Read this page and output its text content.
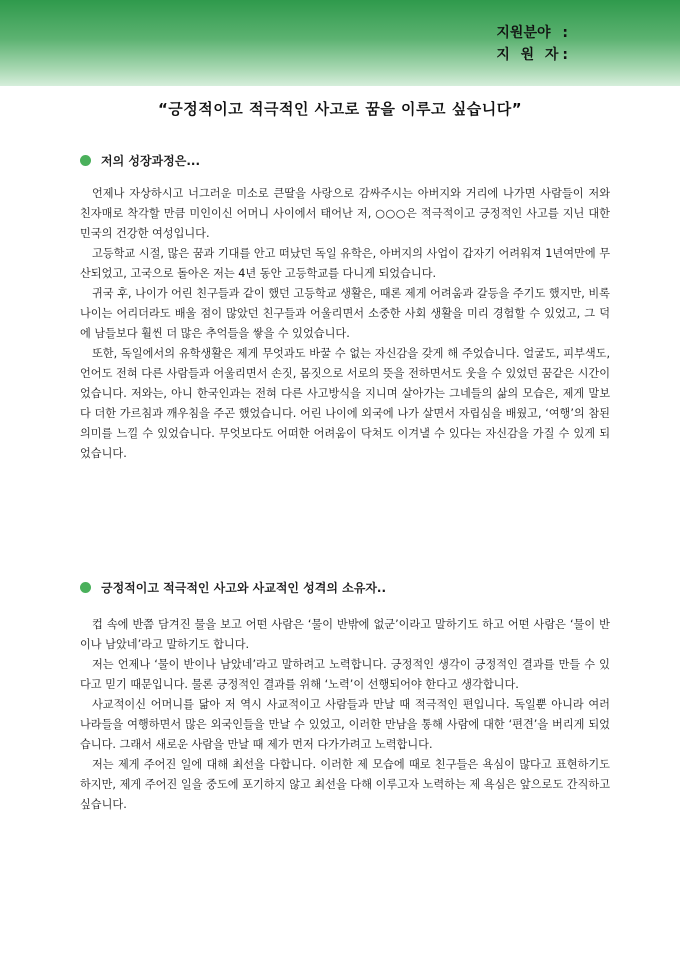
지원분야 :
지 원 자 :
“긍정적이고 적극적인 사고로 꿈을 이루고 싶습니다”
저의 성장과정은...

언제나 자상하시고 너그러운 미소로 큰딸을 사랑으로 감싸주시는 아버지와 거리에 나가면 사람들이 저와 친자매로 착각할 만큼 미인이신 어머니 사이에서 태어난 저, ○○○은 적극적이고 긍정적인 사고를 지닌 대한민국의 건강한 여성입니다.

고등학교 시절, 많은 꿈과 기대를 안고 떠났던 독일 유학은, 아버지의 사업이 갑자기 어려워져 1년여만에 무산되었고, 고국으로 돌아온 저는 4년 동안 고등학교를 다니게 되었습니다.

귀국 후, 나이가 어린 친구들과 같이 했던 고등학교 생활은, 때론 제게 어려움과 갈등을 주기도 했지만, 비록 나이는 어리더라도 배울 점이 많았던 친구들과 어울리면서 소중한 사회 생활을 미리 경험할 수 있었고, 그 덕에 남들보다 훨씬 더 많은 추억들을 쌓을 수 있었습니다.

또한, 독일에서의 유학생활은 제게 무엇과도 바꿀 수 없는 자신감을 갖게 해 주었습니다. 얼굴도, 피부색도, 언어도 전혀 다른 사람들과 어울리면서 손짓, 몸짓으로 서로의 뜻을 전하면서도 웃을 수 있었던 꿈같은 시간이었습니다. 저와는, 아니 한국인과는 전혀 다른 사고방식을 지니며 살아가는 그네들의 삶의 모습은, 제게 말보다 더한 가르침과 깨우침을 주곤 했었습니다. 어린 나이에 외국에 나가 살면서 자립심을 배웠고, ‘여행’의 참된 의미를 느낄 수 있었습니다. 무엇보다도 어떠한 어려움이 닥쳐도 이겨낼 수 있다는 자신감을 가질 수 있게 되었습니다.

긍정적이고 적극적인 사고와 사교적인 성격의 소유자..

컵 속에 반쯤 담겨진 물을 보고 어떤 사람은 ‘물이 반밖에 없군’이라고 말하기도 하고 어떤 사람은 ‘물이 반이나 남았네’라고 말하기도 합니다.

저는 언제나 ‘물이 반이나 남았네’라고 말하려고 노력합니다. 긍정적인 생각이 긍정적인 결과를 만들 수 있다고 믿기 때문입니다. 물론 긍정적인 결과를 위해 ‘노력’이 선행되어야 한다고 생각합니다.

사교적이신 어머니를 닮아 저 역시 사교적이고 사람들과 만날 때 적극적인 편입니다. 독일뿐 아니라 여러 나라들을 여행하면서 많은 외국인들을 만날 수 있었고, 이러한 만남을 통해 사람에 대한 ‘편견’을 버리게 되었습니다. 그래서 새로운 사람을 만날 때 제가 먼저 다가가려고 노력합니다.

저는 제게 주어진 일에 대해 최선을 다합니다. 이러한 제 모습에 때로 친구들은 욕심이 많다고 표현하기도 하지만, 제게 주어진 일을 중도에 포기하지 않고 최선을 다해 이루고자 노력하는 제 욕심은 앞으로도 간직하고 싶습니다.
